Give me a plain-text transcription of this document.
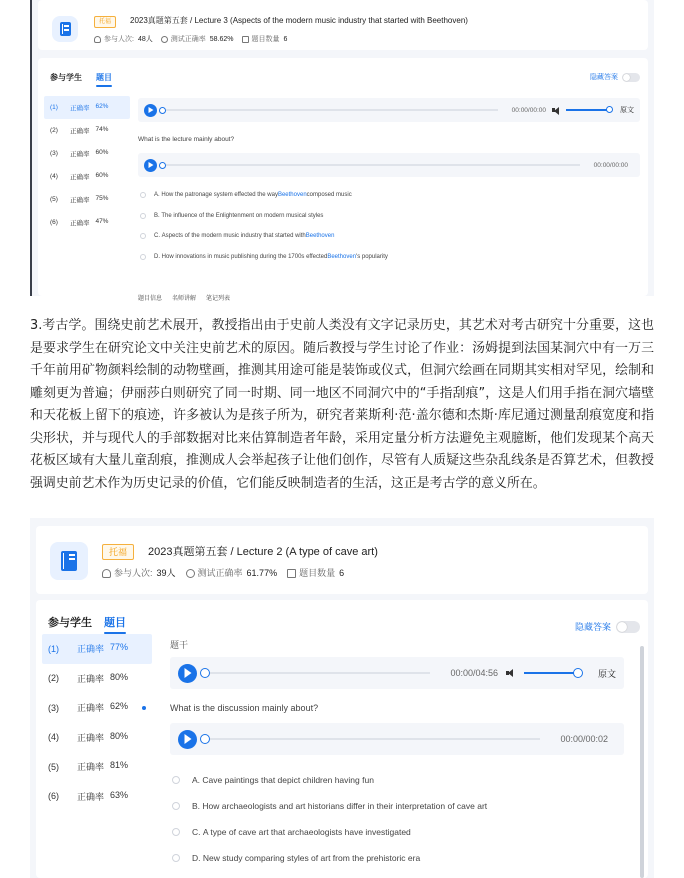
托福	2023真题第五套 / Lecture 3 (Aspects of the modern music industry that started with Beethoven)
参与人次: 48人	测试正确率 58.62%	题目数量 6
参与学生 题目	隐藏答案
(1) 正确率 62%
(2) 正确率 74%
(3) 正确率 60%
(4) 正确率 60%
(5) 正确率 75%
(6) 正确率 47%
00:00/00:00	原文
What is the lecture mainly about?
00:00/00:00
A.
How the patronage system effected the way Beethoven composed music
B.
The influence of the Enlightenment on modern musical styles
C.
Aspects of the modern music industry that started with Beethoven
D.
How innovations in music publishing during the 1700s effected Beethoven 's popularity
题目信息 名师讲解 笔记列表

3.考古学。围绕史前艺术展开，教授指出由于史前人类没有文字记录历史，其艺术对考古研究十分重要，这也是要求学生在研究论文中关注史前艺术的原因。随后教授与学生讨论了作业：汤姆提到法国某洞穴中有一万三千年前用矿物颜料绘制的动物壁画，推测其用途可能是装饰或仪式，但洞穴绘画在同期其实相对罕见，绘制和雕刻更为普遍；伊丽莎白则研究了同一时期、同一地区不同洞穴中的“手指刮痕”，这是人们用手指在洞穴墙壁和天花板上留下的痕迹，许多被认为是孩子所为，研究者莱斯利·范·盖尔德和杰斯·库尼通过测量刮痕宽度和指尖形状，并与现代人的手部数据对比来估算制造者年龄，采用定量分析方法避免主观臆断，他们发现某个高天花板区域有大量儿童刮痕，推测成人会举起孩子让他们创作，尽管有人质疑这些杂乱线条是否算艺术，但教授强调史前艺术作为历史记录的价值，它们能反映制造者的生活，这正是考古学的意义所在。

托福	2023真题第五套 / Lecture 2 (A type of cave art)
参与人次: 39人	测试正确率 61.77%	题目数量 6
参与学生 题目	隐藏答案
(1) 正确率 77%
(2) 正确率 80%
(3) 正确率 62%
(4) 正确率 80%
(5) 正确率 81%
(6) 正确率 63%
题干
00:00/04:56	原文
What is the discussion mainly about?
00:00/00:02
A.
Cave paintings that depict children having fun
B.
How archaeologists and art historians differ in their interpretation of cave art
C.
A type of cave art that archaeologists have investigated
D.
New study comparing styles of art from the prehistoric era
